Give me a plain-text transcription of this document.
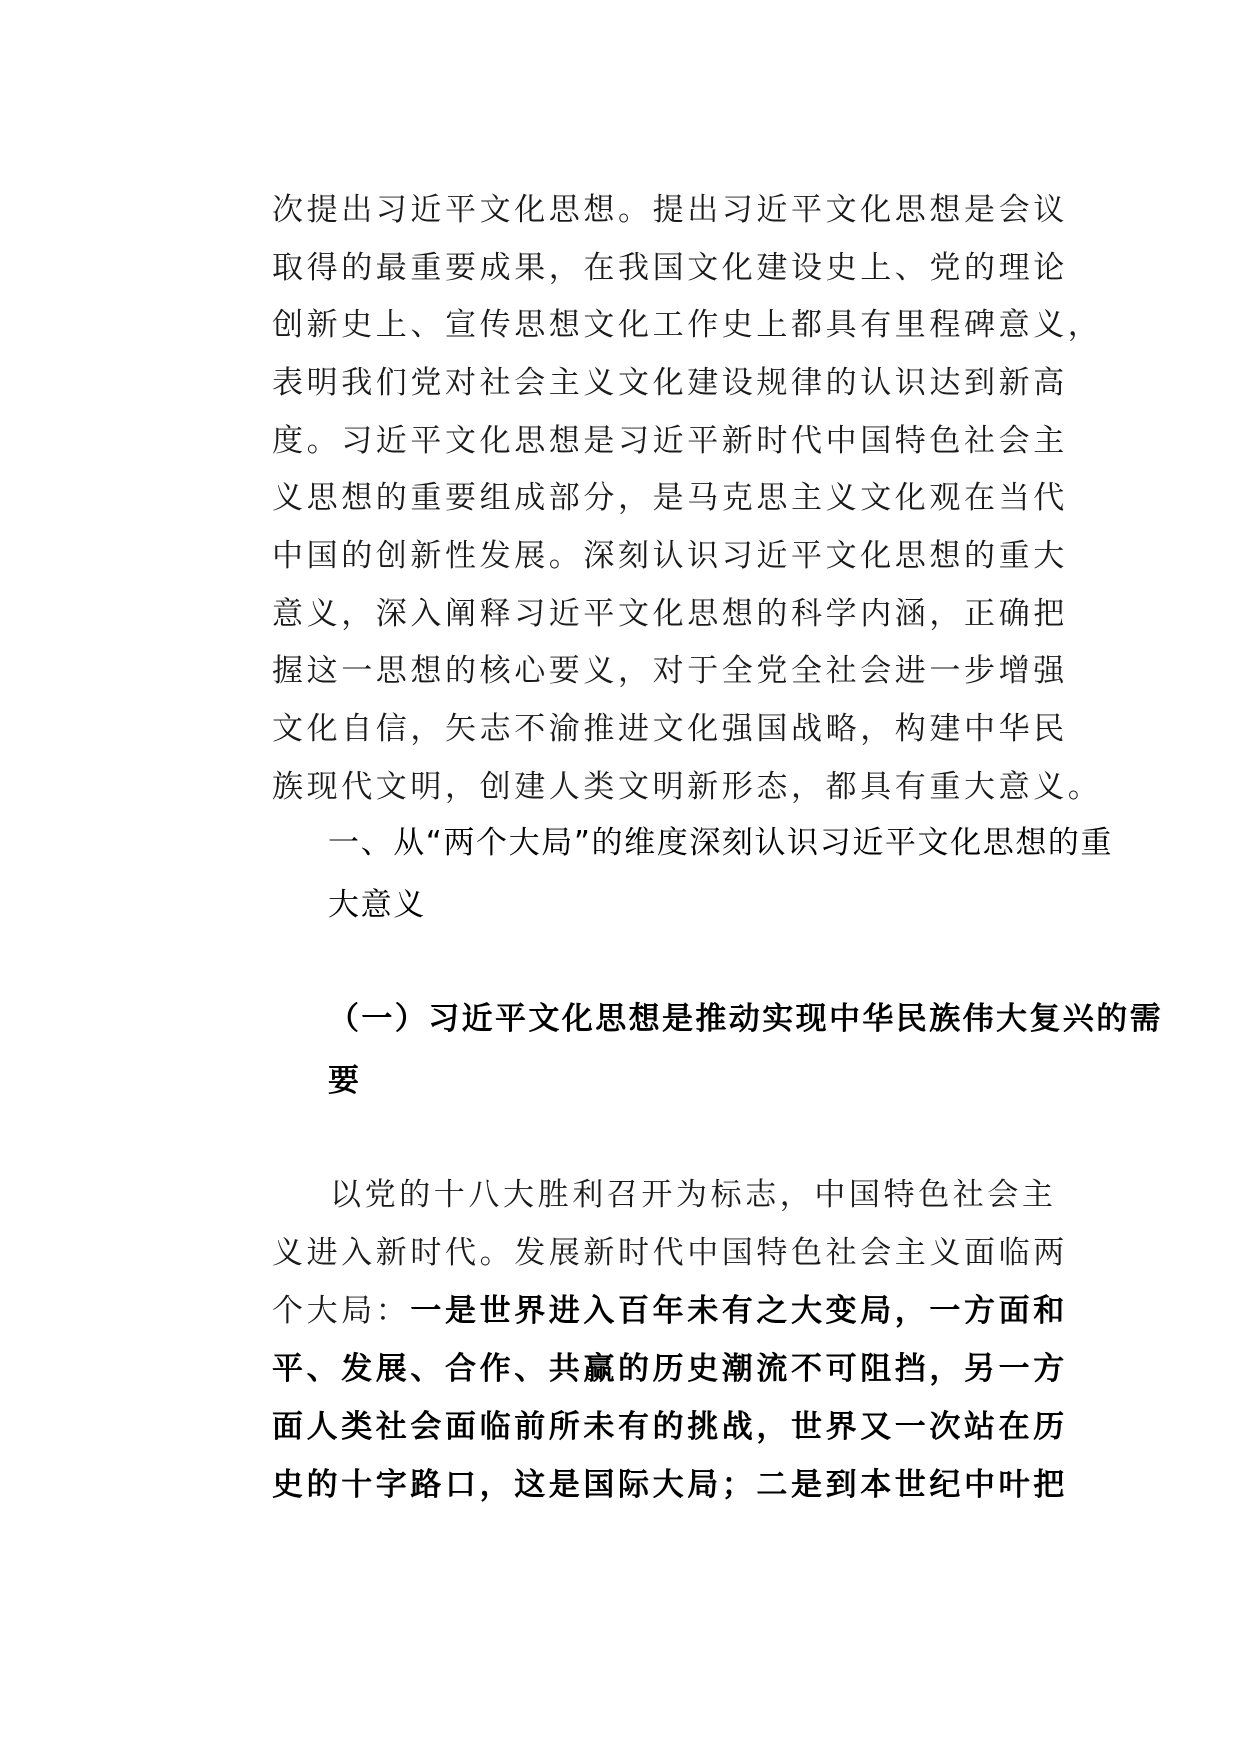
次提出习近平文化思想。提出习近平文化思想是会议
取得的最重要成果，在我国文化建设史上、党的理论
创新史上、宣传思想文化工作史上都具有里程碑意义，
表明我们党对社会主义文化建设规律的认识达到新高
度。习近平文化思想是习近平新时代中国特色社会主
义思想的重要组成部分，是马克思主义文化观在当代
中国的创新性发展。深刻认识习近平文化思想的重大
意义，深入阐释习近平文化思想的科学内涵，正确把
握这一思想的核心要义，对于全党全社会进一步增强
文化自信，矢志不渝推进文化强国战略，构建中华民
族现代文明，创建人类文明新形态，都具有重大意义。
一、从“两个大局”的维度深刻认识习近平文化思想的重
大意义
（一）习近平文化思想是推动实现中华民族伟大复兴的需
要
以党的十八大胜利召开为标志，中国特色社会主
义进入新时代。发展新时代中国特色社会主义面临两
个大局：一是世界进入百年未有之大变局，一方面和
平、发展、合作、共赢的历史潮流不可阻挡，另一方
面人类社会面临前所未有的挑战，世界又一次站在历
史的十字路口，这是国际大局；二是到本世纪中叶把
